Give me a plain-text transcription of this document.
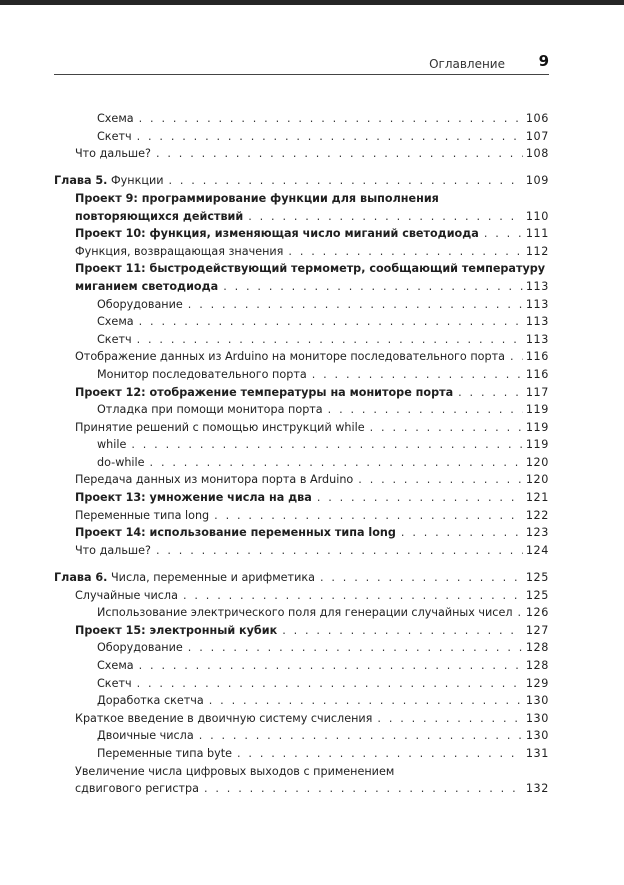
Оглавление 9
Схема . . .	106
Скетч . . .	107
Что дальше? . . .	108
Глава 5. Функции . . .	109
Проект 9: программирование функции для выполнения
повторяющихся действий . . .	110
Проект 10: функция, изменяющая число миганий светодиода . . .	111
Функция, возвращающая значения . . .	112
Проект 11: быстродействующий термометр, сообщающий температуру
миганием светодиода . . .	113
Оборудование . . .	113
Схема . . .	113
Скетч . . .	113
Отображение данных из Arduino на мониторе последовательного порта . . . 116
Монитор последовательного порта . . .	116
Проект 12: отображение температуры на мониторе порта . . .	117
Отладка при помощи монитора порта . . .	119
Принятие решений с помощью инструкций while . . .	119
while . . .	119
do-while . . .	120
Передача данных из монитора порта в Arduino . . .	120
Проект 13: умножение числа на два . . .	121
Переменные типа long . . .	122
Проект 14: использование переменных типа long . . .	123
Что дальше? . . .	124
Глава 6. Числа, переменные и арифметика . . .	125
Случайные числа . . .	125
Использование электрического поля для генерации случайных чисел . . . 126
Проект 15: электронный кубик . . .	127
Оборудование . . .	128
Схема . . .	128
Скетч . . .	129
Доработка скетча . . .	130
Краткое введение в двоичную систему счисления . . .	130
Двоичные числа . . .	130
Переменные типа byte . . .	131
Увеличение числа цифровых выходов с применением
сдвигового регистра . . .	132
